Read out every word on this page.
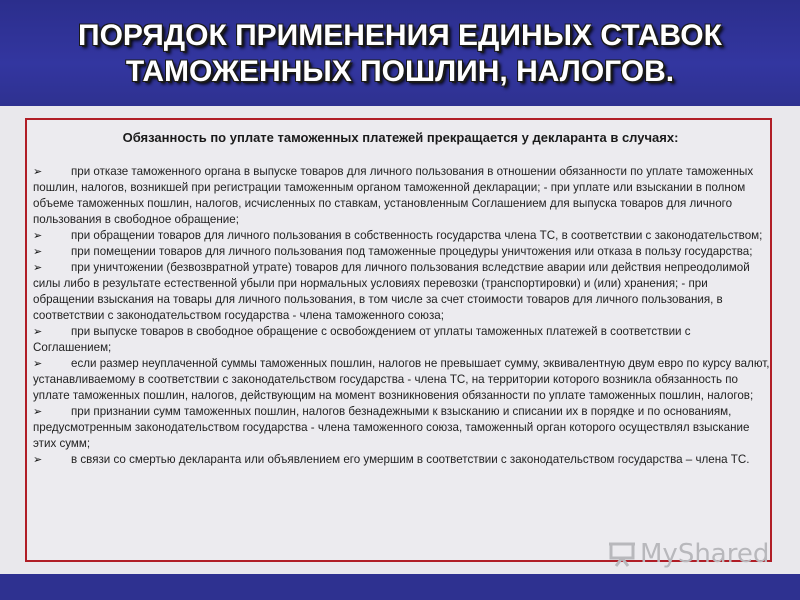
ПОРЯДОК ПРИМЕНЕНИЯ ЕДИНЫХ СТАВОК
ТАМОЖЕННЫХ ПОШЛИН, НАЛОГОВ.

Обязанность по уплате таможенных платежей прекращается у декларанта в случаях:

➢ при отказе таможенного органа в выпуске товаров для личного пользования в отношении обязанности по уплате таможенных пошлин, налогов, возникшей при регистрации таможенным органом таможенной декларации; - при уплате или взыскании в полном объеме таможенных пошлин, налогов, исчисленных по ставкам, установленным Соглашением для выпуска товаров для личного пользования в свободное обращение;
➢ при обращении товаров для личного пользования в собственность государства члена ТС, в соответствии с законодательством;
➢ при помещении товаров для личного пользования под таможенные процедуры уничтожения или отказа в пользу государства;
➢ при уничтожении (безвозвратной утрате) товаров для личного пользования вследствие аварии или действия непреодолимой силы либо в результате естественной убыли при нормальных условиях перевозки (транспортировки) и (или) хранения; - при обращении взыскания на товары для личного пользования, в том числе за счет стоимости товаров для личного пользования, в соответствии с законодательством государства - члена таможенного союза;
➢ при выпуске товаров в свободное обращение с освобождением от уплаты таможенных платежей в соответствии с Соглашением;
➢ если размер неуплаченной суммы таможенных пошлин, налогов не превышает сумму, эквивалентную двум евро по курсу валют, устанавливаемому в соответствии с законодательством государства - члена ТС, на территории которого возникла обязанность по уплате таможенных пошлин, налогов, действующим на момент возникновения обязанности по уплате таможенных пошлин, налогов;
➢ при признании сумм таможенных пошлин, налогов безнадежными к взысканию и списании их в порядке и по основаниям, предусмотренным законодательством государства - члена таможенного союза, таможенный орган которого осуществлял взыскание этих сумм;
➢ в связи со смертью декларанта или объявлением его умершим в соответствии с законодательством государства – члена ТС.
MyShared
